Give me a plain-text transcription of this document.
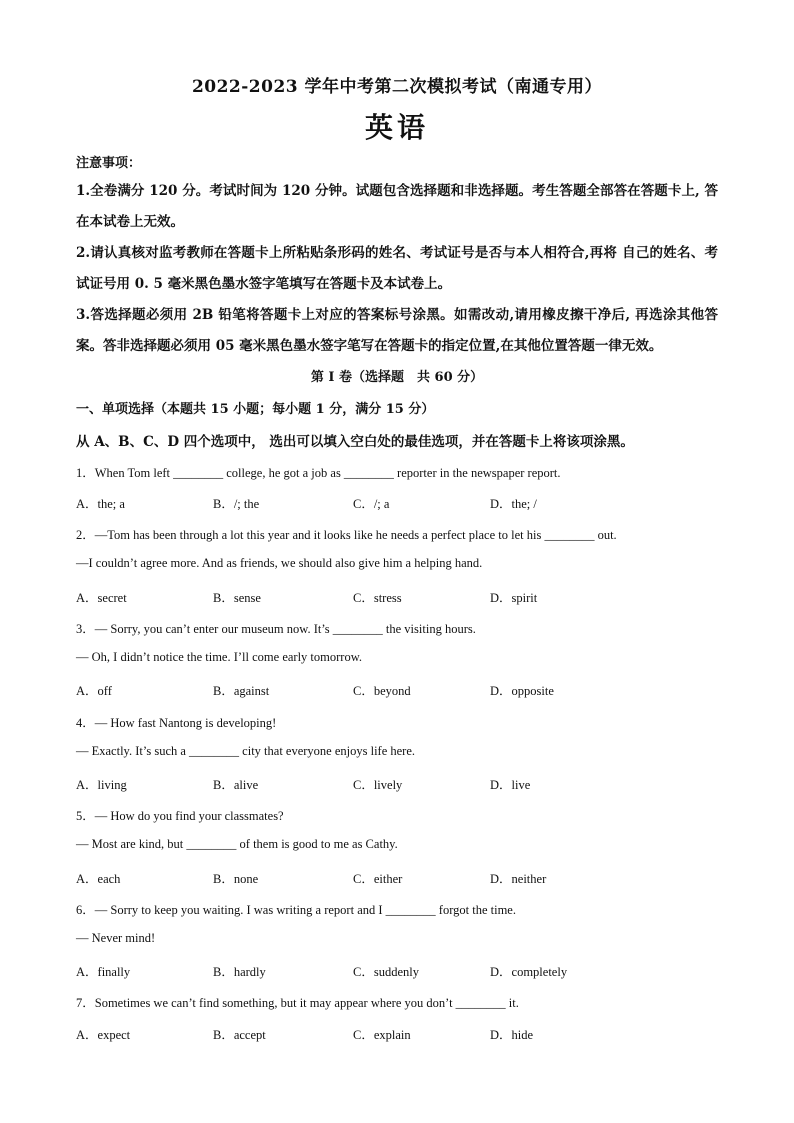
2022-2023 学年中考第二次模拟考试（南通专用）
英语
注意事项：
1.全卷满分 120 分。考试时间为 120 分钟。试题包含选择题和非选择题。考生答题全部答在答题卡上, 答在本试卷上无效。
2.请认真核对监考教师在答题卡上所粘贴条形码的姓名、考试证号是否与本人相符合,再将 自己的姓名、考试证号用 0. 5 毫米黑色墨水签字笔填写在答题卡及本试卷上。
3.答选择题必须用 2B 铅笔将答题卡上对应的答案标号涂黑。如需改动,请用橡皮擦干净后, 再选涂其他答案。答非选择题必须用 05 毫米黑色墨水签字笔写在答题卡的指定位置,在其他位置答题一律无效。
第 I 卷（选择题　共 60 分）
一、单项选择（本题共 15 小题；每小题 1 分，满分 15 分）
从 A、B、C、D 四个选项中， 选出可以填入空白处的最佳选项，并在答题卡上将该项涂黑。
1．When Tom left ________ college, he got a job as ________ reporter in the newspaper report.
A．the; a	B．/; the	C．/; a	D．the; /
2．—Tom has been through a lot this year and it looks like he needs a perfect place to let his ________ out.
—I couldn’t agree more. And as friends, we should also give him a helping hand.
A．secret	B．sense	C．stress	D．spirit
3．— Sorry, you can’t enter our museum now. It’s ________ the visiting hours.
— Oh, I didn’t notice the time. I’ll come early tomorrow.
A．off	B．against	C．beyond	D．opposite
4．— How fast Nantong is developing!
— Exactly. It’s such a ________ city that everyone enjoys life here.
A．living	B．alive	C．lively	D．live
5．— How do you find your classmates?
— Most are kind, but ________ of them is good to me as Cathy.
A．each	B．none	C．either	D．neither
6．— Sorry to keep you waiting. I was writing a report and I ________ forgot the time.
— Never mind!
A．finally	B．hardly	C．suddenly	D．completely
7．Sometimes we can’t find something, but it may appear where you don’t ________ it.
A．expect	B．accept	C．explain	D．hide
